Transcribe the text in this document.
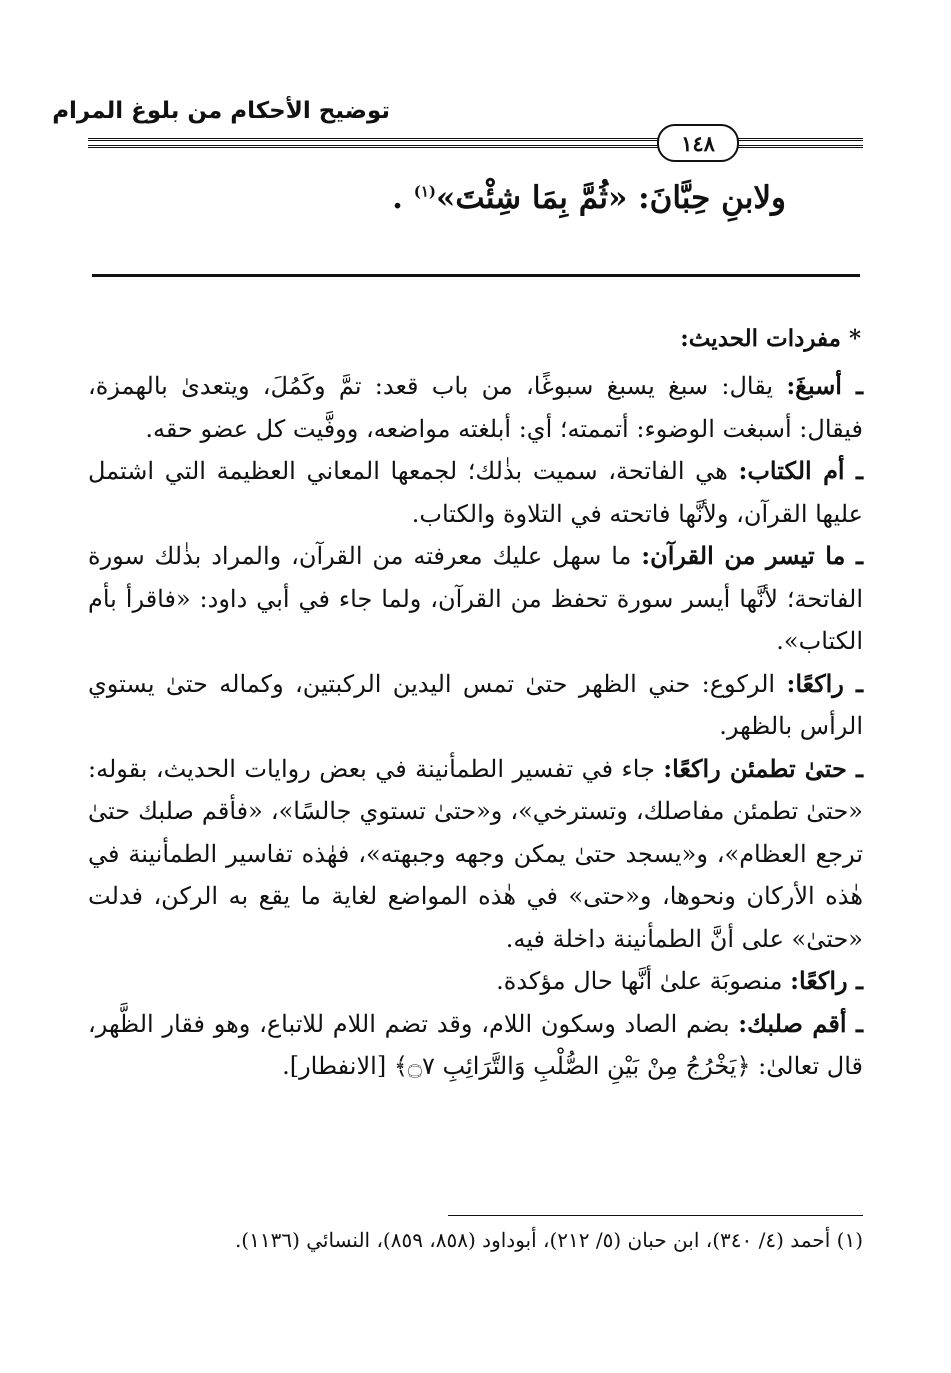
توضيح الأحكام من بلوغ المرام
١٤٨
ولابنِ حِبَّانَ: «ثُمَّ بِمَا شِئْتَ»$^{(١)}$ .
* مفردات الحديث:

ـ أسبغَ: يقال: سبغ يسبغ سبوغًا، من باب قعد: تمَّ وكَمُلَ، ويتعدىٰ بالهمزة، فيقال: أسبغت الوضوء: أتممته؛ أي: أبلغته مواضعه، ووفَّيت كل عضو حقه.

ـ أم الكتاب: هي الفاتحة، سميت بذٰلك؛ لجمعها المعاني العظيمة التي اشتمل عليها القرآن، ولأنَّها فاتحته في التلاوة والكتاب.

ـ ما تيسر من القرآن: ما سهل عليك معرفته من القرآن، والمراد بذٰلك سورة الفاتحة؛ لأنَّها أيسر سورة تحفظ من القرآن، ولما جاء في أبي داود: «فاقرأ بأم الكتاب».

ـ راكعًا: الركوع: حني الظهر حتىٰ تمس اليدين الركبتين، وكماله حتىٰ يستوي الرأس بالظهر.

ـ حتىٰ تطمئن راكعًا: جاء في تفسير الطمأنينة في بعض روايات الحديث، بقوله: «حتىٰ تطمئن مفاصلك، وتسترخي»، و«حتىٰ تستوي جالسًا»، «فأقم صلبك حتىٰ ترجع العظام»، و«يسجد حتىٰ يمكن وجهه وجبهته»، فهٰذه تفاسير الطمأنينة في هٰذه الأركان ونحوها، و«حتى» في هٰذه المواضع لغاية ما يقع به الركن، فدلت «حتىٰ» على أنَّ الطمأنينة داخلة فيه.

ـ راكعًا: منصوبَة علىٰ أنَّها حال مؤكدة.

ـ أقم صلبك: بضم الصاد وسكون اللام، وقد تضم اللام للاتباع، وهو فقار الظَّهر، قال تعالىٰ: ﴿يَخْرُجُ مِنْ بَيْنِ الصُّلْبِ وَالتَّرَائِبِ ۝٧﴾ [الانفطار].

(١) أحمد (٤/ ٣٤٠)، ابن حبان (٥/ ٢١٢)، أبوداود (٨٥٨، ٨٥٩)، النسائي (١١٣٦).
